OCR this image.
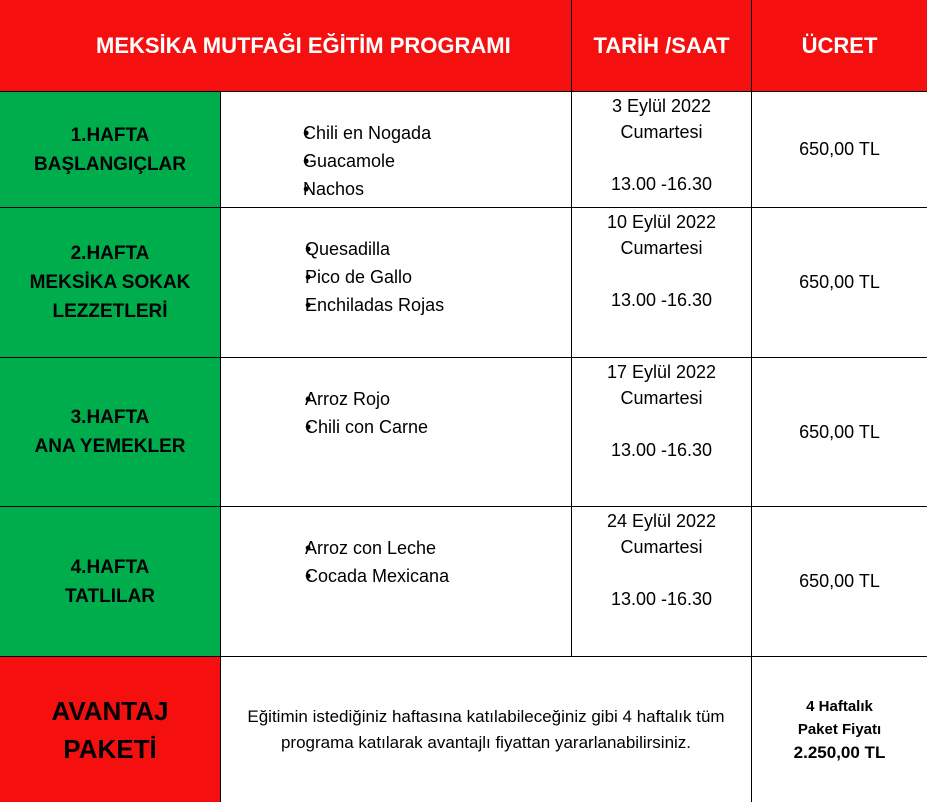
MEKSİKA MUTFAĞI EĞİTİM PROGRAMI	TARİH /SAAT	ÜCRET
1.HAFTA
BAŞLANGIÇLAR
• Chili en Nogada
• Guacamole
• Nachos
3 Eylül 2022
Cumartesi
13.00 -16.30
650,00 TL
2.HAFTA
MEKSİKA SOKAK
LEZZETLERİ
• Quesadilla
• Pico de Gallo
• Enchiladas Rojas
10 Eylül 2022
Cumartesi
13.00 -16.30
650,00 TL
3.HAFTA
ANA YEMEKLER
• Arroz Rojo
• Chili con Carne
17 Eylül 2022
Cumartesi
13.00 -16.30
650,00 TL
4.HAFTA
TATLILAR
• Arroz con Leche
• Cocada Mexicana
24 Eylül 2022
Cumartesi
13.00 -16.30
650,00 TL
AVANTAJ
PAKETİ
Eğitimin istediğiniz haftasına katılabileceğiniz gibi 4 haftalık tüm programa katılarak avantajlı fiyattan yararlanabilirsiniz.
4 Haftalık
Paket Fiyatı
2.250,00 TL
